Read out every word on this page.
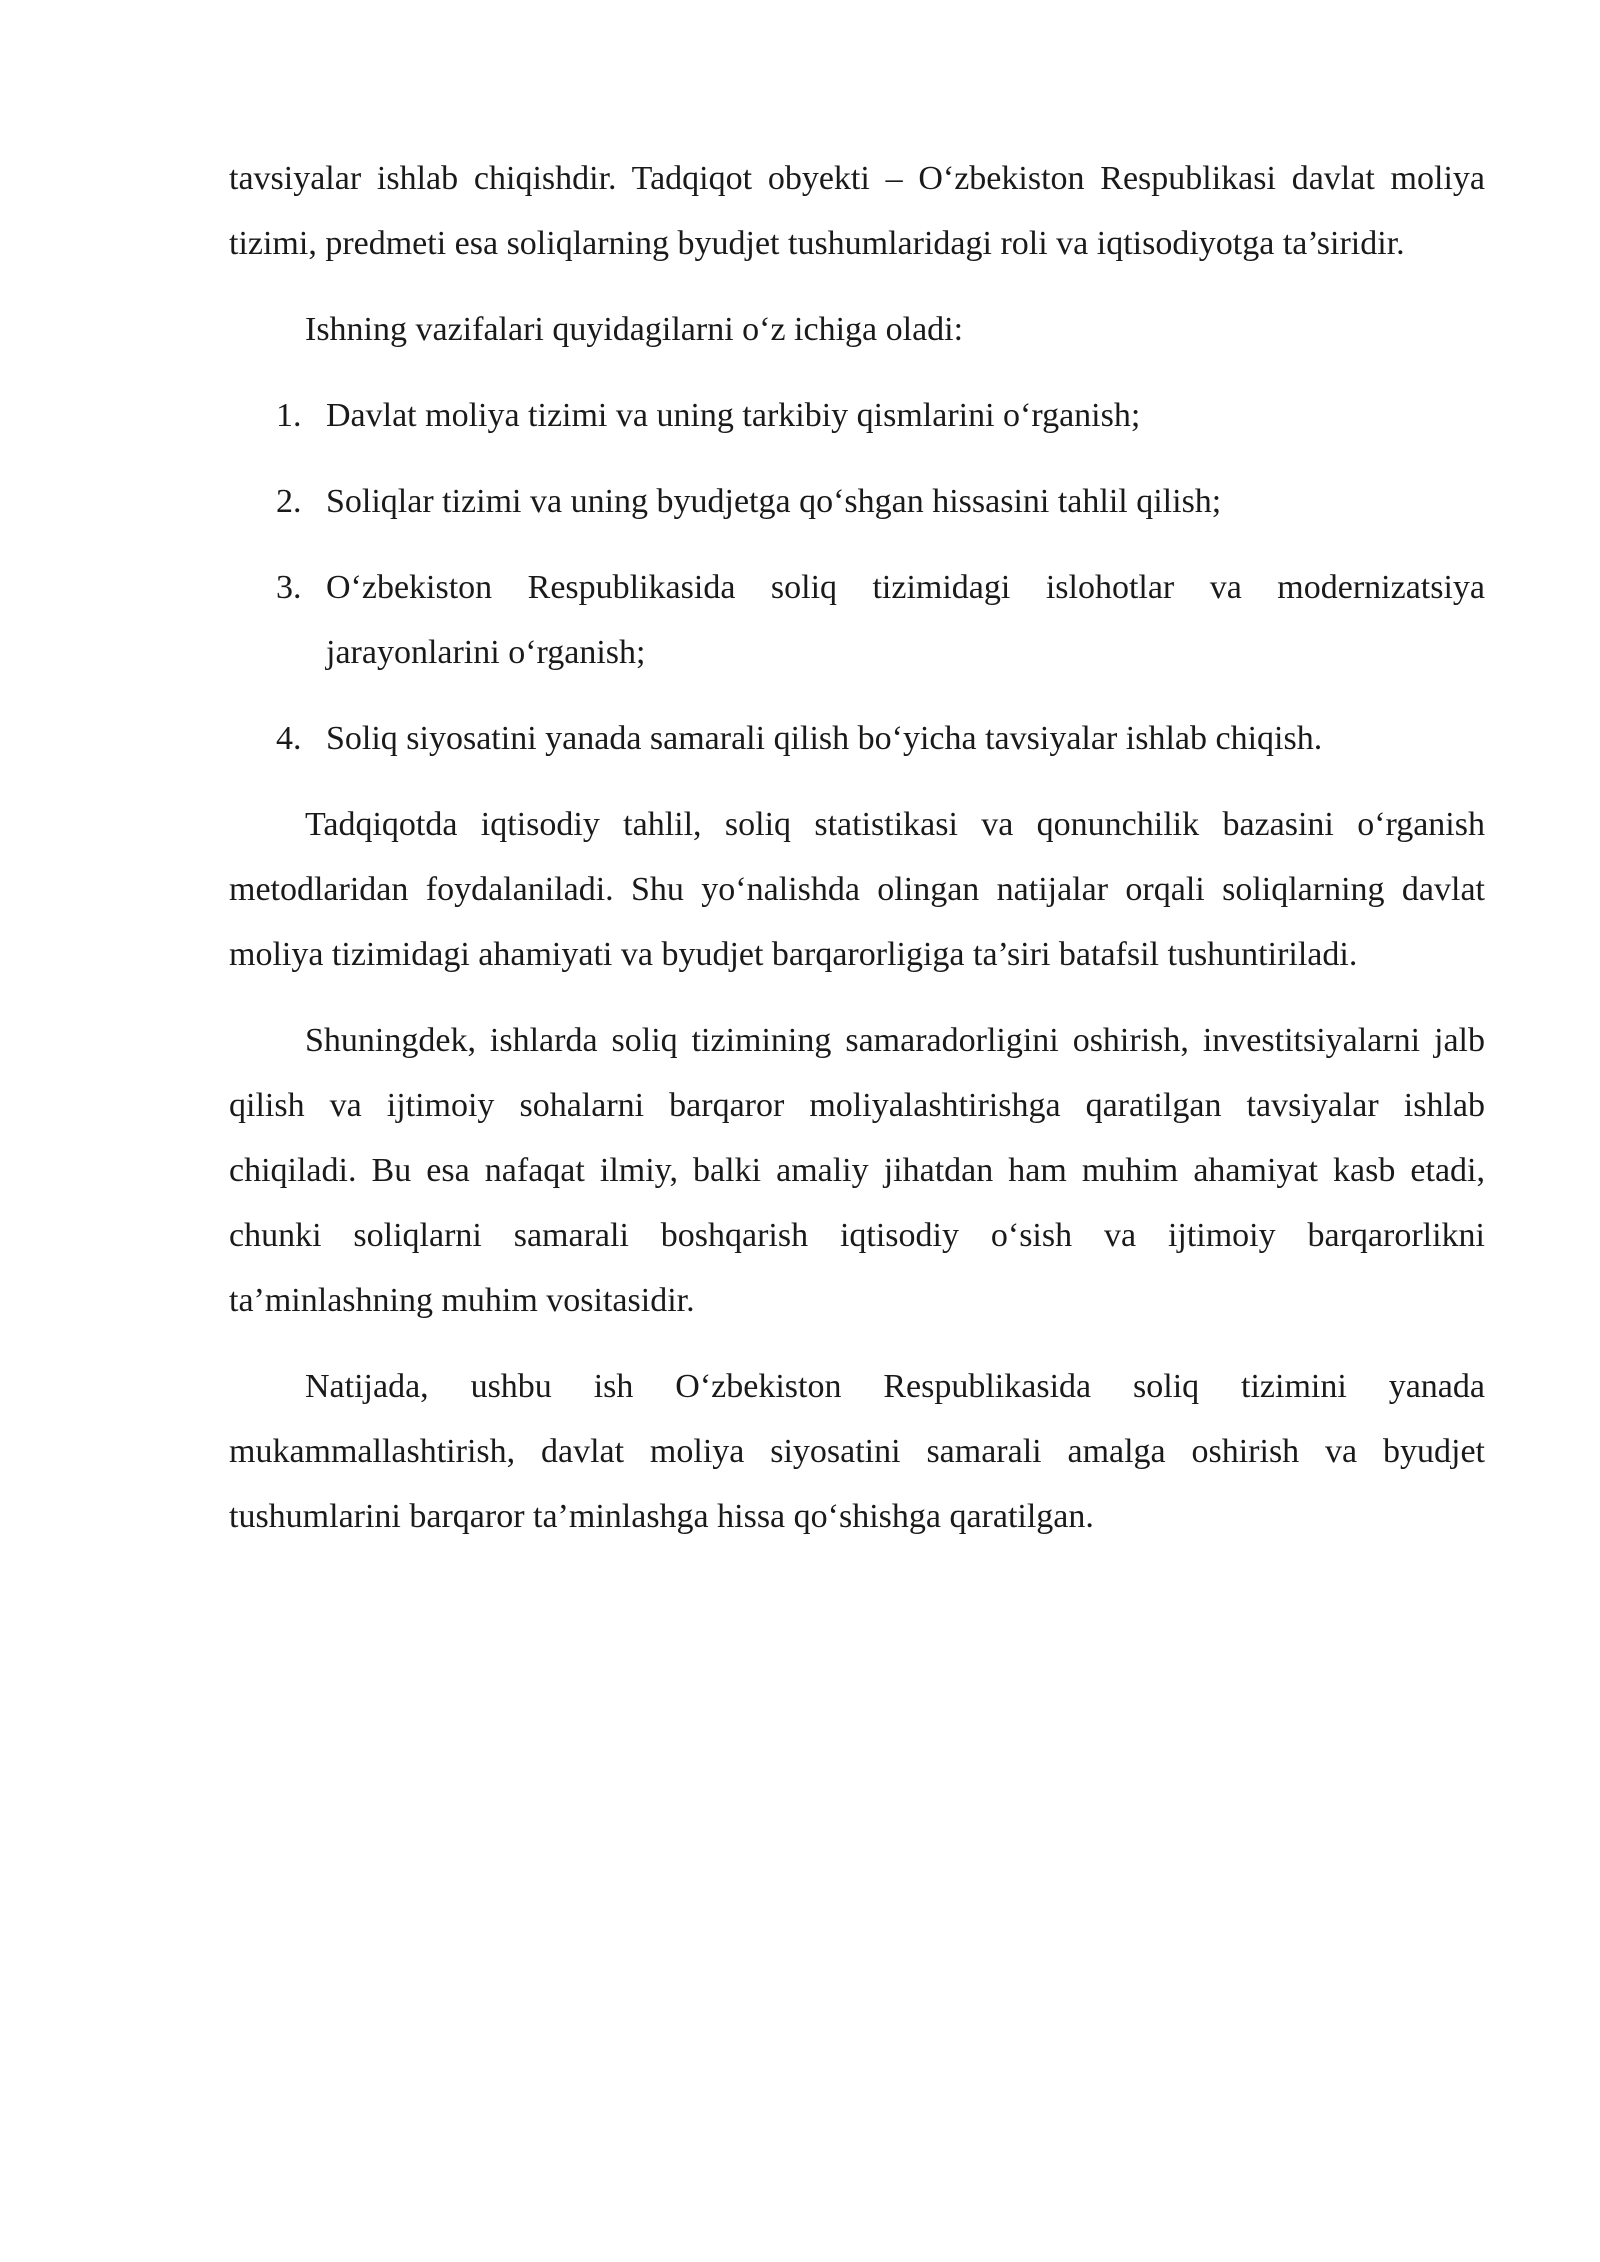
tavsiyalar ishlab chiqishdir. Tadqiqot obyekti – O‘zbekiston Respublikasi davlat moliya tizimi, predmeti esa soliqlarning byudjet tushumlaridagi roli va iqtisodiyotga ta’siridir.

Ishning vazifalari quyidagilarni o‘z ichiga oladi:

1. Davlat moliya tizimi va uning tarkibiy qismlarini o‘rganish;
2. Soliqlar tizimi va uning byudjetga qo‘shgan hissasini tahlil qilish;
3. O‘zbekiston Respublikasida soliq tizimidagi islohotlar va modernizatsiya jarayonlarini o‘rganish;
4. Soliq siyosatini yanada samarali qilish bo‘yicha tavsiyalar ishlab chiqish.

Tadqiqotda iqtisodiy tahlil, soliq statistikasi va qonunchilik bazasini o‘rganish metodlaridan foydalaniladi. Shu yo‘nalishda olingan natijalar orqali soliqlarning davlat moliya tizimidagi ahamiyati va byudjet barqarorligiga ta’siri batafsil tushuntiriladi.

Shuningdek, ishlarda soliq tizimining samaradorligini oshirish, investitsiyalarni jalb qilish va ijtimoiy sohalarni barqaror moliyalashtirishga qaratilgan tavsiyalar ishlab chiqiladi. Bu esa nafaqat ilmiy, balki amaliy jihatdan ham muhim ahamiyat kasb etadi, chunki soliqlarni samarali boshqarish iqtisodiy o‘sish va ijtimoiy barqarorlikni ta’minlashning muhim vositasidir.

Natijada, ushbu ish O‘zbekiston Respublikasida soliq tizimini yanada mukammallashtirish, davlat moliya siyosatini samarali amalga oshirish va byudjet tushumlarini barqaror ta’minlashga hissa qo‘shishga qaratilgan.
